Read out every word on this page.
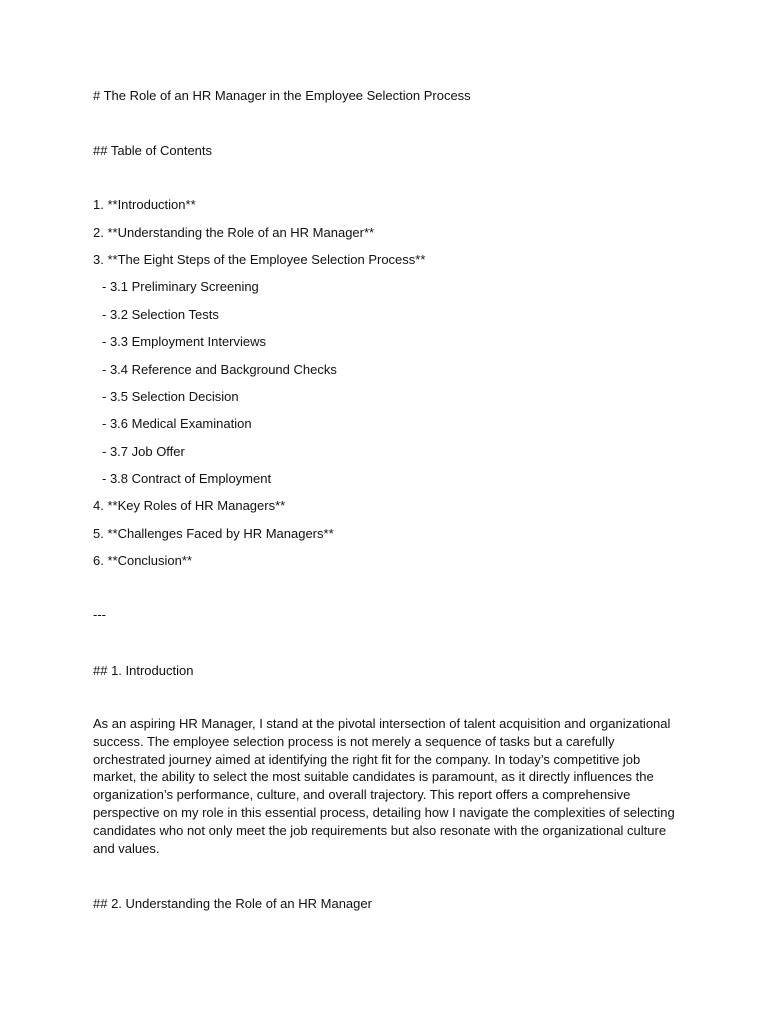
# The Role of an HR Manager in the Employee Selection Process

## Table of Contents

1. **Introduction**

2. **Understanding the Role of an HR Manager**

3. **The Eight Steps of the Employee Selection Process**

- 3.1 Preliminary Screening

- 3.2 Selection Tests

- 3.3 Employment Interviews

- 3.4 Reference and Background Checks

- 3.5 Selection Decision

- 3.6 Medical Examination

- 3.7 Job Offer

- 3.8 Contract of Employment

4. **Key Roles of HR Managers**

5. **Challenges Faced by HR Managers**

6. **Conclusion**

---

## 1. Introduction

As an aspiring HR Manager, I stand at the pivotal intersection of talent acquisition and organizational success. The employee selection process is not merely a sequence of tasks but a carefully orchestrated journey aimed at identifying the right fit for the company. In today’s competitive job market, the ability to select the most suitable candidates is paramount, as it directly influences the organization’s performance, culture, and overall trajectory. This report offers a comprehensive perspective on my role in this essential process, detailing how I navigate the complexities of selecting candidates who not only meet the job requirements but also resonate with the organizational culture and values.

## 2. Understanding the Role of an HR Manager
